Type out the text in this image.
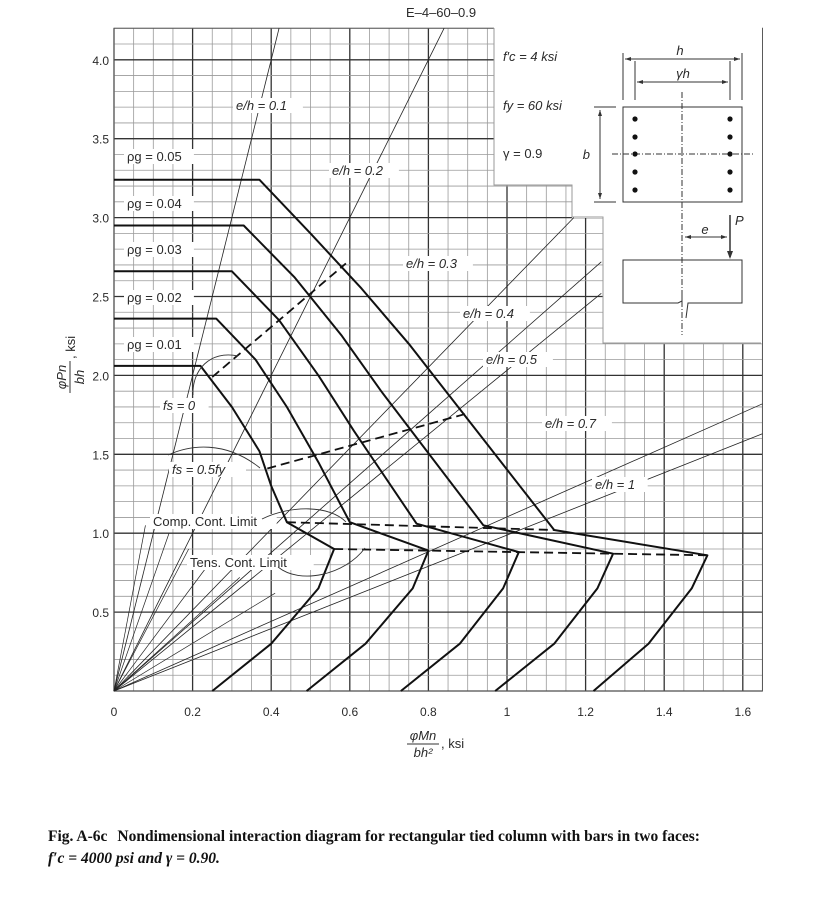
0	0.2	0.4	0.6	0.8	1	1.2	1.4	1.6
0.5
1.0
1.5
2.0
2.5
3.0
3.5
4.0
E–4–60–0.9
f′c = 4 ksi
fy = 60 ksi
γ = 0.9
h
γh
b
e
P
ρg = 0.05
ρg = 0.04
ρg = 0.03
ρg = 0.02
ρg = 0.01
fs = 0
fs = 0.5fy
Comp. Cont. Limit
Tens. Cont. Limit
e/h = 0.1
e/h = 0.2
e/h = 0.3
e/h = 0.4
e/h = 0.5
e/h = 0.7
e/h = 1
φPn bh
, ksi
φMn
bh²
, ksi
Fig. A-6c Nondimensional interaction diagram for rectangular tied column with bars in two faces:
f′c = 4000 psi and γ = 0.90.
